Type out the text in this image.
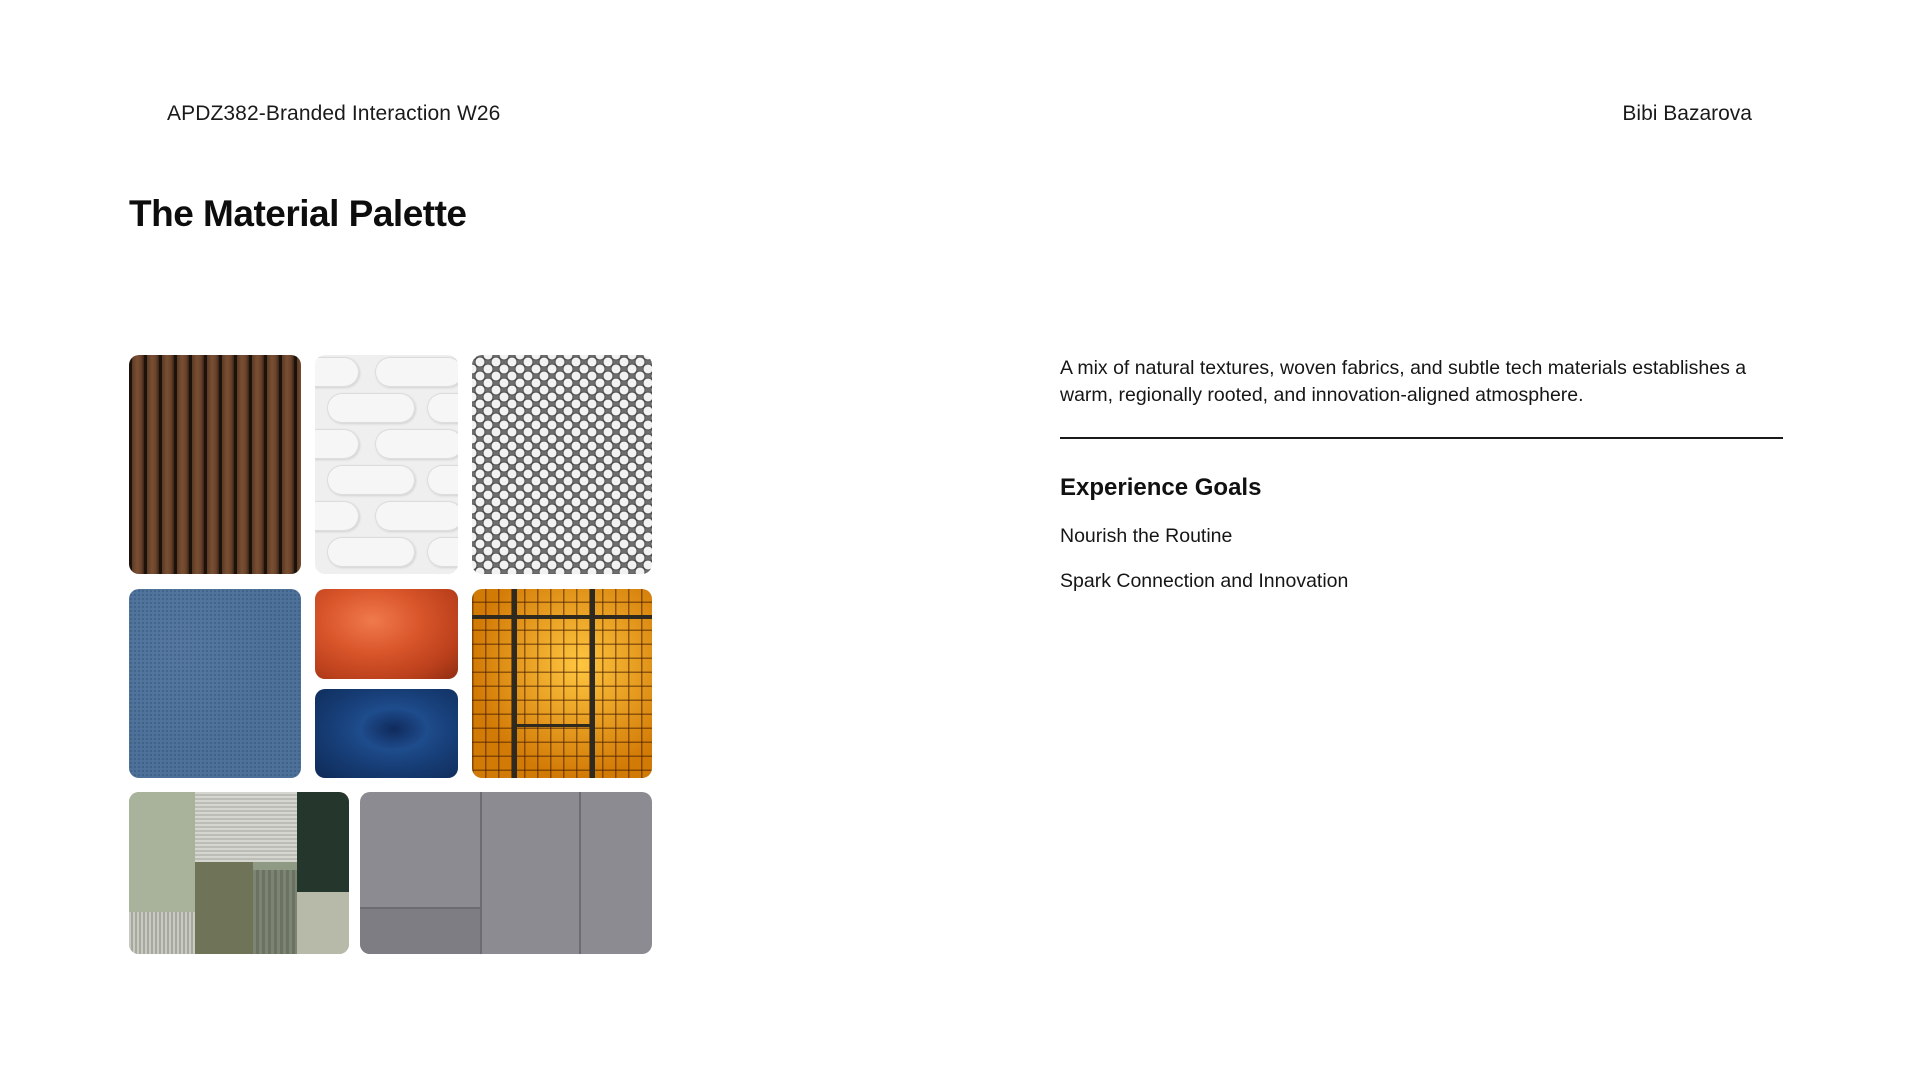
APDZ382-Branded Interaction W26	Bibi Bazarova
The Material Palette

A mix of natural textures, woven fabrics, and subtle tech materials establishes a warm, regionally rooted, and innovation-aligned atmosphere.

Experience Goals
Nourish the Routine
Spark Connection and Innovation
